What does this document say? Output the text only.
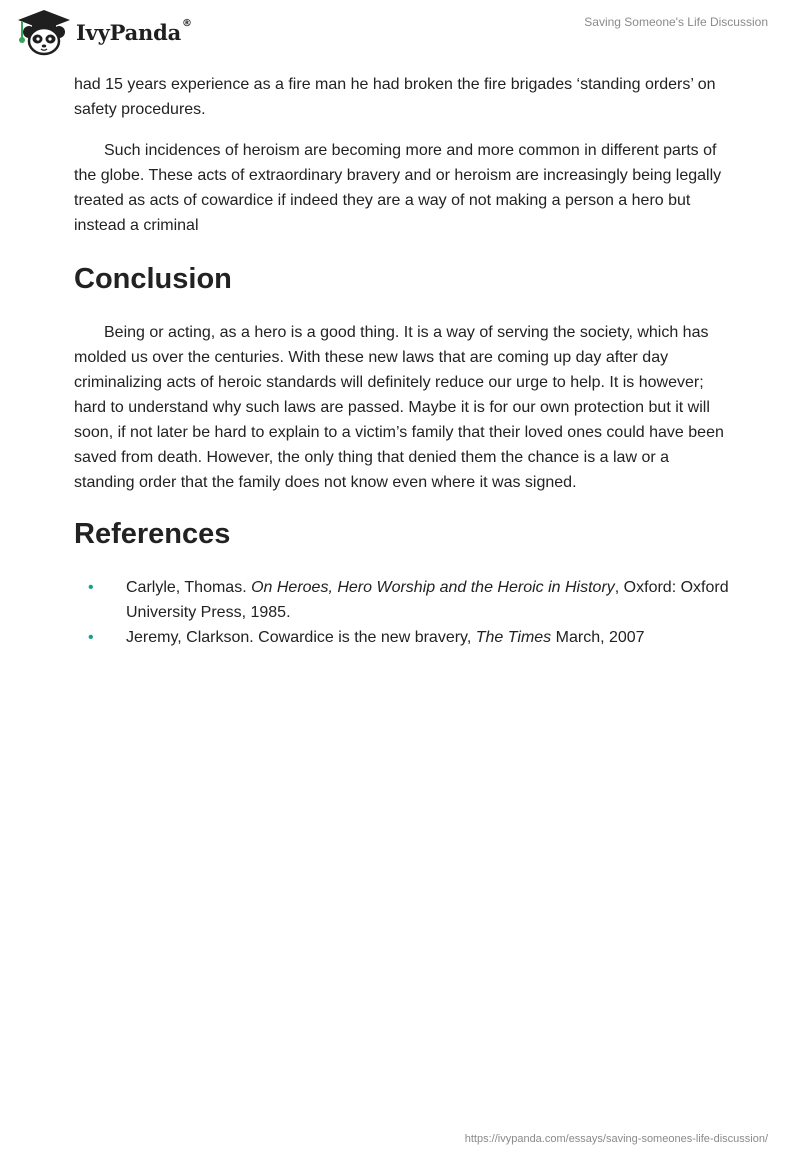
IvyPanda ®	Saving Someone's Life Discussion

had 15 years experience as a fire man he had broken the fire brigades ‘standing orders’ on safety procedures.

Such incidences of heroism are becoming more and more common in different parts of the globe. These acts of extraordinary bravery and or heroism are increasingly being legally treated as acts of cowardice if indeed they are a way of not making a person a hero but instead a criminal

Conclusion

Being or acting, as a hero is a good thing. It is a way of serving the society, which has molded us over the centuries. With these new laws that are coming up day after day criminalizing acts of heroic standards will definitely reduce our urge to help. It is however; hard to understand why such laws are passed. Maybe it is for our own protection but it will soon, if not later be hard to explain to a victim’s family that their loved ones could have been saved from death. However, the only thing that denied them the chance is a law or a standing order that the family does not know even where it was signed.

References
• Carlyle, Thomas. On Heroes, Hero Worship and the Heroic in History, Oxford: Oxford University Press, 1985.
• Jeremy, Clarkson. Cowardice is the new bravery, The Times March, 2007
https://ivypanda.com/essays/saving-someones-life-discussion/
